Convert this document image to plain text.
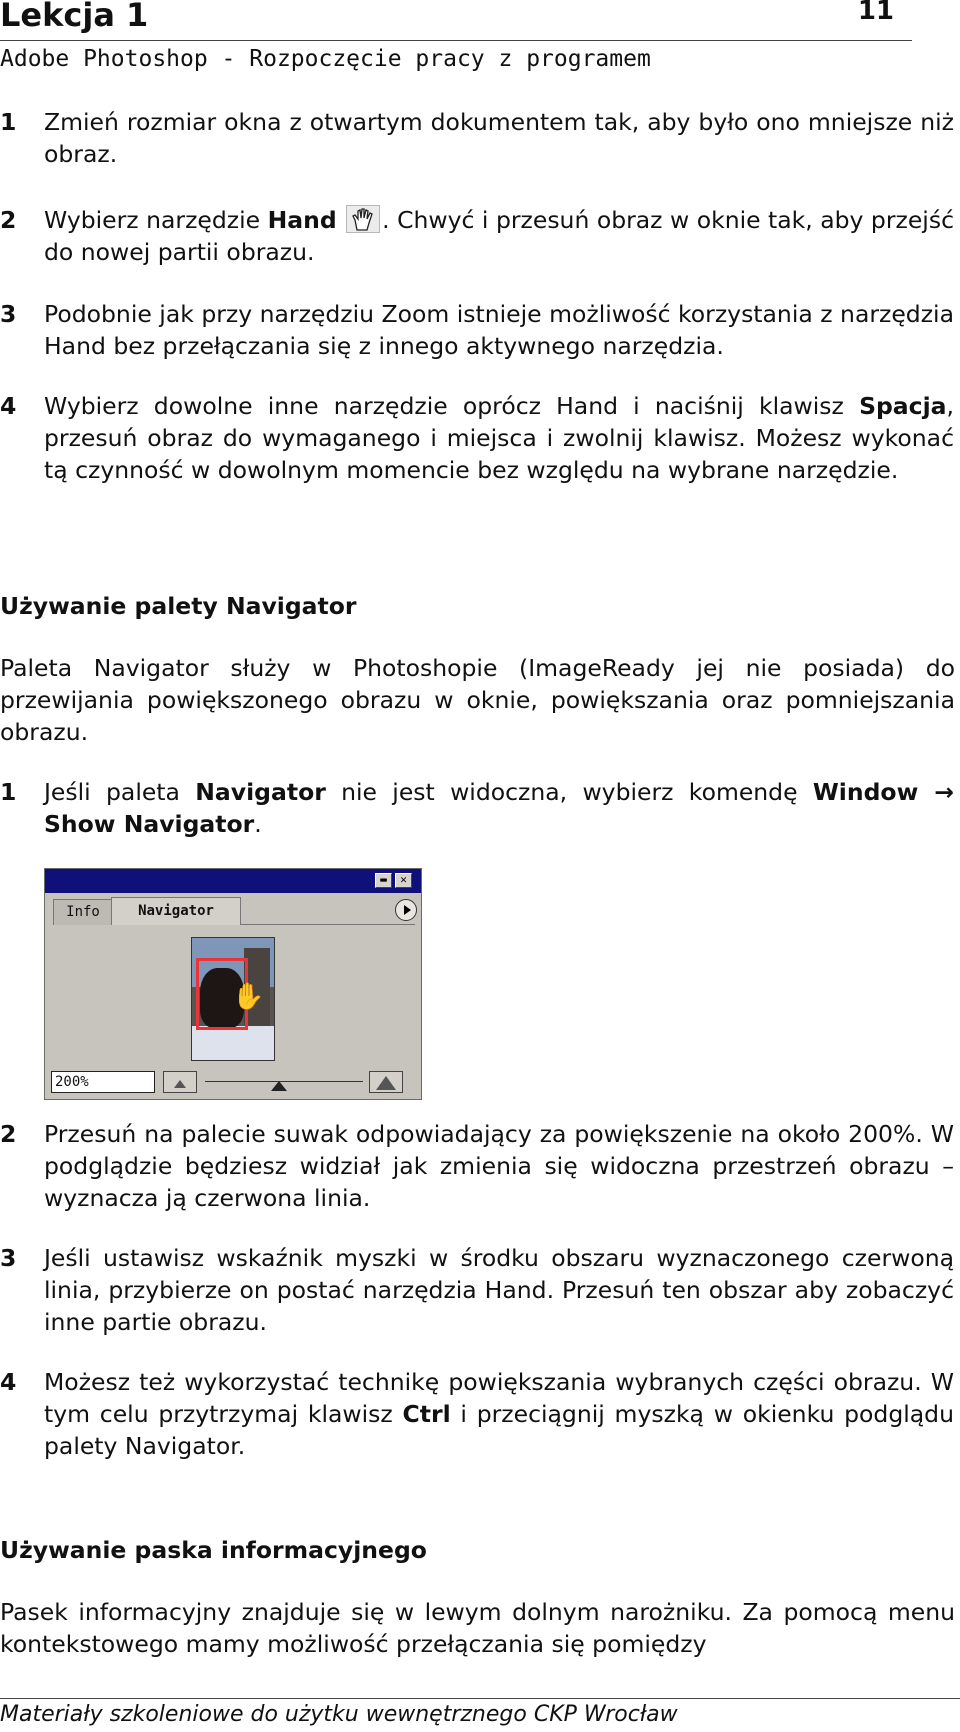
Lekcja 1	11
Adobe Photoshop - Rozpoczęcie pracy z programem
1 Zmień rozmiar okna z otwartym dokumentem tak, aby było ono mniejsze niż obraz.
2 Wybierz narzędzie Hand . Chwyć i przesuń obraz w oknie tak, aby przejść do nowej partii obrazu.
3 Podobnie jak przy narzędziu Zoom istnieje możliwość korzystania z narzędzia Hand bez przełączania się z innego aktywnego narzędzia.
4 Wybierz dowolne inne narzędzie oprócz Hand i naciśnij klawisz Spacja, przesuń obraz do wymaganego i miejsca i zwolnij klawisz. Możesz wykonać tą czynność w dowolnym momencie bez względu na wybrane narzędzie.
Używanie palety Navigator
Paleta Navigator służy w Photoshopie (ImageReady jej nie posiada) do przewijania powiększonego obrazu w oknie, powiększania oraz pomniejszania obrazu.
1 Jeśli paleta Navigator nie jest widoczna, wybierz komendę Window → Show Navigator.
▬	✕
Info	Navigator
✋
200%
2 Przesuń na palecie suwak odpowiadający za powiększenie na około 200%. W podglądzie będziesz widział jak zmienia się widoczna przestrzeń obrazu – wyznacza ją czerwona linia.
3 Jeśli ustawisz wskaźnik myszki w środku obszaru wyznaczonego czerwoną linia, przybierze on postać narzędzia Hand. Przesuń ten obszar aby zobaczyć inne partie obrazu.
4 Możesz też wykorzystać technikę powiększania wybranych części obrazu. W tym celu przytrzymaj klawisz Ctrl i przeciągnij myszką w okienku podglądu palety Navigator.
Używanie paska informacyjnego
Pasek informacyjny znajduje się w lewym dolnym narożniku. Za pomocą menu kontekstowego mamy możliwość przełączania się pomiędzy
Materiały szkoleniowe do użytku wewnętrznego CKP Wrocław
